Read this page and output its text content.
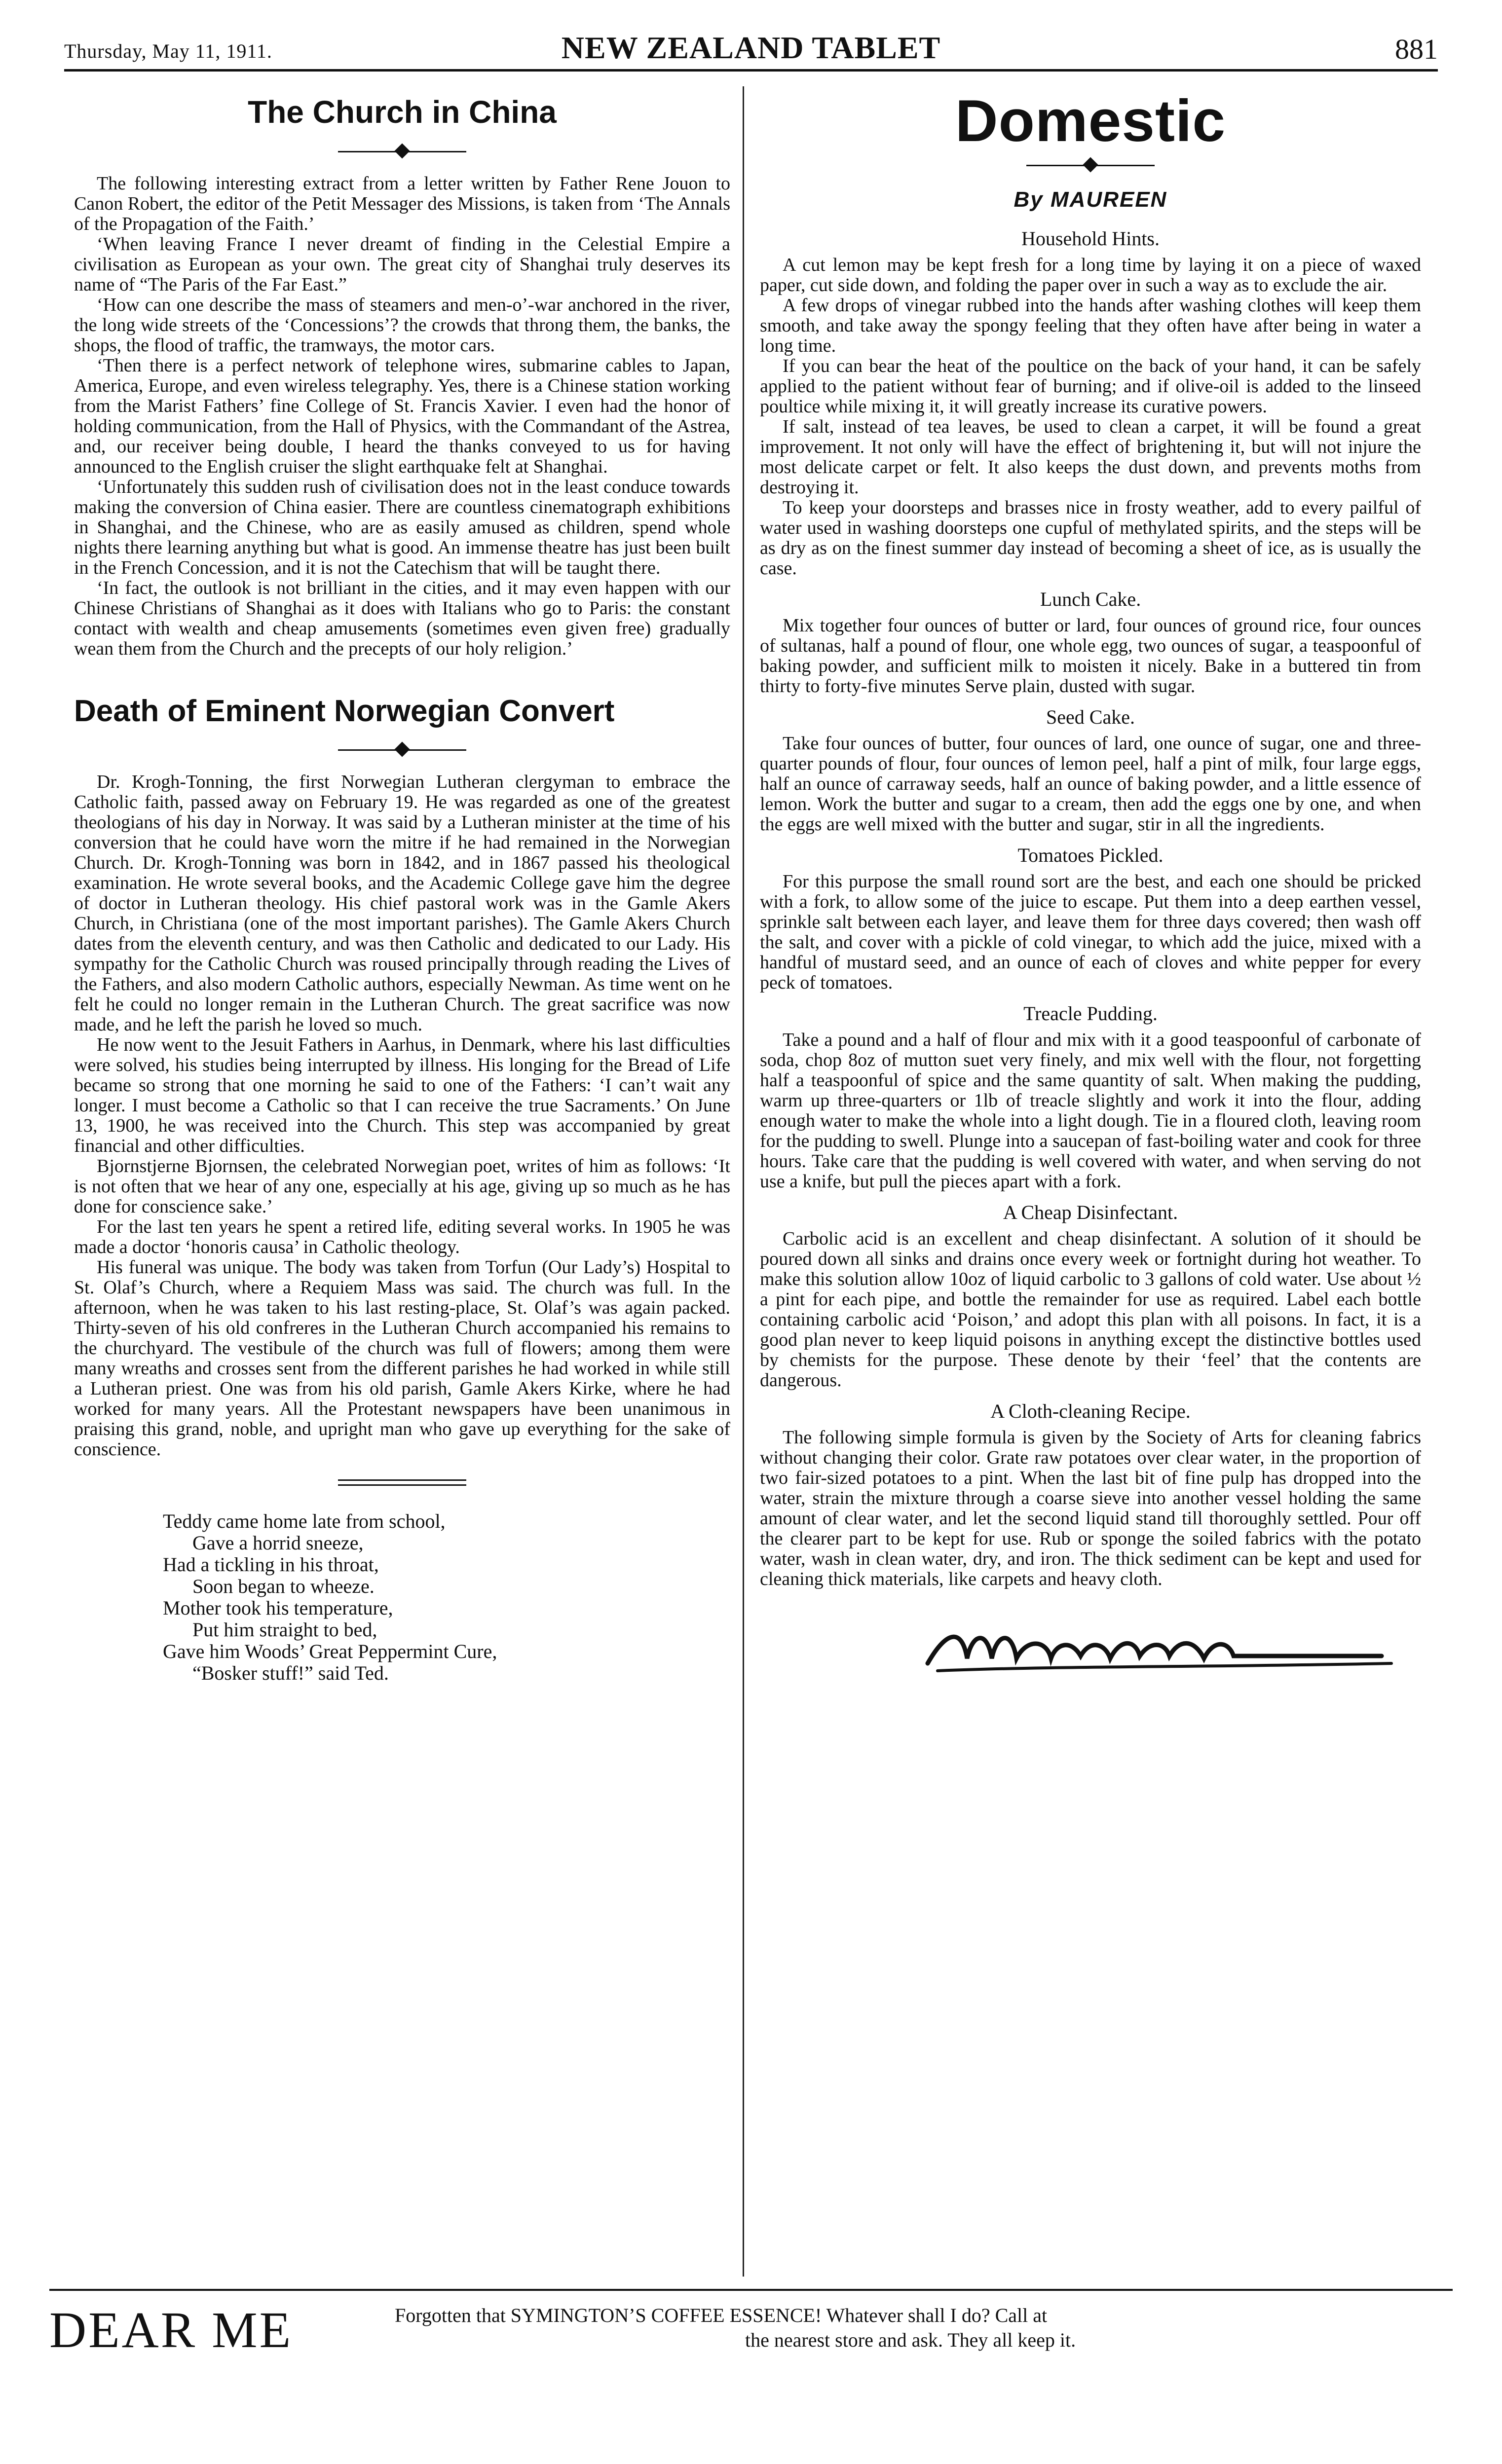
Thursday, May 11, 1911.	NEW ZEALAND TABLET	881
The Church in China

The following interesting extract from a letter written by Father Rene Jouon to Canon Robert, the editor of the Petit Messager des Missions, is taken from ‘The Annals of the Propagation of the Faith.’

‘When leaving France I never dreamt of finding in the Celestial Empire a civilisation as European as your own. The great city of Shanghai truly deserves its name of “The Paris of the Far East.”

‘How can one describe the mass of steamers and men-o’-war anchored in the river, the long wide streets of the ‘Concessions’? the crowds that throng them, the banks, the shops, the flood of traffic, the tramways, the motor cars.

‘Then there is a perfect network of telephone wires, submarine cables to Japan, America, Europe, and even wireless telegraphy. Yes, there is a Chinese station working from the Marist Fathers’ fine College of St. Francis Xavier. I even had the honor of holding communication, from the Hall of Physics, with the Commandant of the Astrea, and, our receiver being double, I heard the thanks conveyed to us for having announced to the English cruiser the slight earthquake felt at Shanghai.

‘Unfortunately this sudden rush of civilisation does not in the least conduce towards making the conversion of China easier. There are countless cinematograph exhibitions in Shanghai, and the Chinese, who are as easily amused as children, spend whole nights there learning anything but what is good. An immense theatre has just been built in the French Concession, and it is not the Catechism that will be taught there.

‘In fact, the outlook is not brilliant in the cities, and it may even happen with our Chinese Christians of Shanghai as it does with Italians who go to Paris: the constant contact with wealth and cheap amusements (sometimes even given free) gradually wean them from the Church and the precepts of our holy religion.’

Death of Eminent Norwegian Convert

Dr. Krogh-Tonning, the first Norwegian Lutheran clergyman to embrace the Catholic faith, passed away on February 19. He was regarded as one of the greatest theologians of his day in Norway. It was said by a Lutheran minister at the time of his conversion that he could have worn the mitre if he had remained in the Norwegian Church. Dr. Krogh-Tonning was born in 1842, and in 1867 passed his theological examination. He wrote several books, and the Academic College gave him the degree of doctor in Lutheran theology. His chief pastoral work was in the Gamle Akers Church, in Christiana (one of the most important parishes). The Gamle Akers Church dates from the eleventh century, and was then Catholic and dedicated to our Lady. His sympathy for the Catholic Church was roused principally through reading the Lives of the Fathers, and also modern Catholic authors, especially Newman. As time went on he felt he could no longer remain in the Lutheran Church. The great sacrifice was now made, and he left the parish he loved so much.

He now went to the Jesuit Fathers in Aarhus, in Denmark, where his last difficulties were solved, his studies being interrupted by illness. His longing for the Bread of Life became so strong that one morning he said to one of the Fathers: ‘I can’t wait any longer. I must become a Catholic so that I can receive the true Sacraments.’ On June 13, 1900, he was received into the Church. This step was accompanied by great financial and other difficulties.

Bjornstjerne Bjornsen, the celebrated Norwegian poet, writes of him as follows: ‘It is not often that we hear of any one, especially at his age, giving up so much as he has done for conscience sake.’

For the last ten years he spent a retired life, editing several works. In 1905 he was made a doctor ‘honoris causa’ in Catholic theology.

His funeral was unique. The body was taken from Torfun (Our Lady’s) Hospital to St. Olaf’s Church, where a Requiem Mass was said. The church was full. In the afternoon, when he was taken to his last resting-place, St. Olaf’s was again packed. Thirty-seven of his old confreres in the Lutheran Church accompanied his remains to the churchyard. The vestibule of the church was full of flowers; among them were many wreaths and crosses sent from the different parishes he had worked in while still a Lutheran priest. One was from his old parish, Gamle Akers Kirke, where he had worked for many years. All the Protestant newspapers have been unanimous in praising this grand, noble, and upright man who gave up everything for the sake of conscience.

Teddy came home late from school,

Gave a horrid sneeze,

Had a tickling in his throat,

Soon began to wheeze.

Mother took his temperature,

Put him straight to bed,

Gave him Woods’ Great Peppermint Cure,

“Bosker stuff!” said Ted.

Domestic
By MAUREEN
Household Hints.

A cut lemon may be kept fresh for a long time by laying it on a piece of waxed paper, cut side down, and folding the paper over in such a way as to exclude the air.

A few drops of vinegar rubbed into the hands after washing clothes will keep them smooth, and take away the spongy feeling that they often have after being in water a long time.

If you can bear the heat of the poultice on the back of your hand, it can be safely applied to the patient without fear of burning; and if olive-oil is added to the linseed poultice while mixing it, it will greatly increase its curative powers.

If salt, instead of tea leaves, be used to clean a carpet, it will be found a great improvement. It not only will have the effect of brightening it, but will not injure the most delicate carpet or felt. It also keeps the dust down, and prevents moths from destroying it.

To keep your doorsteps and brasses nice in frosty weather, add to every pailful of water used in washing doorsteps one cupful of methylated spirits, and the steps will be as dry as on the finest summer day instead of becoming a sheet of ice, as is usually the case.

Lunch Cake.

Mix together four ounces of butter or lard, four ounces of ground rice, four ounces of sultanas, half a pound of flour, one whole egg, two ounces of sugar, a teaspoonful of baking powder, and sufficient milk to moisten it nicely. Bake in a buttered tin from thirty to forty-five minutes Serve plain, dusted with sugar.

Seed Cake.

Take four ounces of butter, four ounces of lard, one ounce of sugar, one and three-quarter pounds of flour, four ounces of lemon peel, half a pint of milk, four large eggs, half an ounce of carraway seeds, half an ounce of baking powder, and a little essence of lemon. Work the butter and sugar to a cream, then add the eggs one by one, and when the eggs are well mixed with the butter and sugar, stir in all the ingredients.

Tomatoes Pickled.

For this purpose the small round sort are the best, and each one should be pricked with a fork, to allow some of the juice to escape. Put them into a deep earthen vessel, sprinkle salt between each layer, and leave them for three days covered; then wash off the salt, and cover with a pickle of cold vinegar, to which add the juice, mixed with a handful of mustard seed, and an ounce of each of cloves and white pepper for every peck of tomatoes.

Treacle Pudding.

Take a pound and a half of flour and mix with it a good teaspoonful of carbonate of soda, chop 8oz of mutton suet very finely, and mix well with the flour, not forgetting half a teaspoonful of spice and the same quantity of salt. When making the pudding, warm up three-quarters or 1lb of treacle slightly and work it into the flour, adding enough water to make the whole into a light dough. Tie in a floured cloth, leaving room for the pudding to swell. Plunge into a saucepan of fast-boiling water and cook for three hours. Take care that the pudding is well covered with water, and when serving do not use a knife, but pull the pieces apart with a fork.

A Cheap Disinfectant.

Carbolic acid is an excellent and cheap disinfectant. A solution of it should be poured down all sinks and drains once every week or fortnight during hot weather. To make this solution allow 10oz of liquid carbolic to 3 gallons of cold water. Use about ½ a pint for each pipe, and bottle the remainder for use as required. Label each bottle containing carbolic acid ‘Poison,’ and adopt this plan with all poisons. In fact, it is a good plan never to keep liquid poisons in anything except the distinctive bottles used by chemists for the purpose. These denote by their ‘feel’ that the contents are dangerous.

A Cloth-cleaning Recipe.

The following simple formula is given by the Society of Arts for cleaning fabrics without changing their color. Grate raw potatoes over clear water, in the proportion of two fair-sized potatoes to a pint. When the last bit of fine pulp has dropped into the water, strain the mixture through a coarse sieve into another vessel holding the same amount of clear water, and let the second liquid stand till thoroughly settled. Pour off the clearer part to be kept for use. Rub or sponge the soiled fabrics with the potato water, wash in clean water, dry, and iron. The thick sediment can be kept and used for cleaning thick materials, like carpets and heavy cloth.

DEAR ME	Forgotten that SYMINGTON’S COFFEE ESSENCE! Whatever shall I do? Call at
the nearest store and ask. They all keep it.
